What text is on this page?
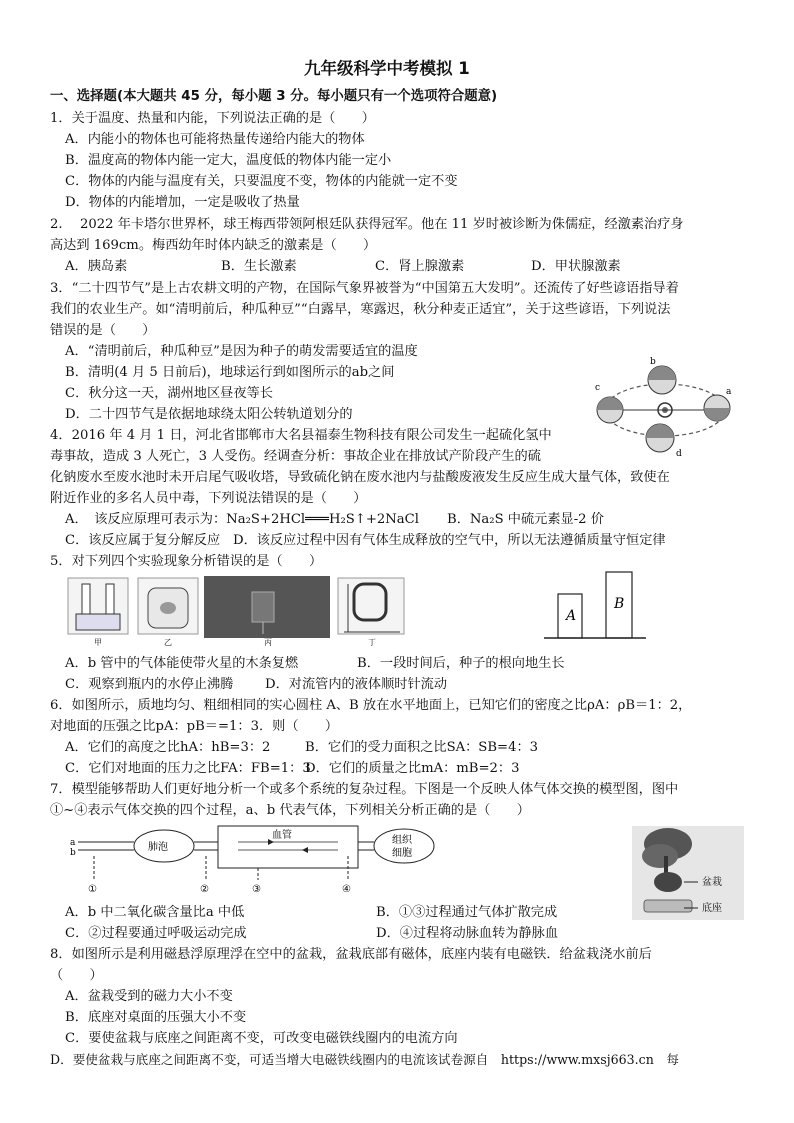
九年级科学中考模拟 1
一、选择题(本大题共 45 分，每小题 3 分。每小题只有一个选项符合题意)
1．关于温度、热量和内能，下列说法正确的是（　　）
A．内能小的物体也可能将热量传递给内能大的物体
B．温度高的物体内能一定大，温度低的物体内能一定小
C．物体的内能与温度有关，只要温度不变，物体的内能就一定不变
D．物体的内能增加，一定是吸收了热量
2.　 2022 年卡塔尔世界杯，球王梅西带领阿根廷队获得冠军。他在 11 岁时被诊断为侏儒症，经激素治疗身
高达到 169cm。梅西幼年时体内缺乏的激素是（　　）
A．胰岛素	B．生长激素	C．肾上腺激素	D．甲状腺激素
3．“二十四节气”是上古农耕文明的产物，在国际气象界被誉为“中国第五大发明”。还流传了好些谚语指导着
我们的农业生产。如“清明前后，种瓜种豆”“白露早，寒露迟，秋分种麦正适宜”，关于这些谚语，下列说法
错误的是（　　）
A．“清明前后，种瓜种豆”是因为种子的萌发需要适宜的温度
B．清明(4 月 5 日前后)，地球运行到如图所示的ab之间
C．秋分这一天，湖州地区昼夜等长
D．二十四节气是依据地球绕太阳公转轨道划分的
b
a
c
d
4．2016 年 4 月 1 日，河北省邯郸市大名县福泰生物科技有限公司发生一起硫化氢中
毒事故，造成 3 人死亡，3 人受伤。经调查分析：事故企业在排放试产阶段产生的硫
化钠废水至废水池时未开启尾气吸收塔，导致硫化钠在废水池内与盐酸废液发生反应生成大量气体，致使在
附近作业的多名人员中毒，下列说法错误的是（　　）
A．　该反应原理可表示为：Na₂S+2HCl═══H₂S↑+2NaCl B．Na₂S 中硫元素显-2 价
C．该反应属于复分解反应 D．该反应过程中因有气体生成释放的空气中，所以无法遵循质量守恒定律
5．对下列四个实验现象分析错误的是（　　）
甲	乙	丙	丁
A
B
A．b 管中的气体能使带火星的木条复燃	B．一段时间后，种子的根向地生长
C．观察到瓶内的水停止沸腾 D．对流管内的液体顺时针流动
6．如图所示，质地均匀、粗细相同的实心圆柱 A、B 放在水平地面上，已知它们的密度之比ρA：ρB＝1：2，
对地面的压强之比pA：pB＝=1：3．则（　　）
A．它们的高度之比hA：hB=3：2	B．它们的受力面积之比SA：SB=4：3
C．它们对地面的压力之比FA：FB=1：3
D．它们的质量之比mA：mB=2：3
7．模型能够帮助人们更好地分析一个或多个系统的复杂过程。下图是一个反映人体气体交换的模型图，图中
①~④表示气体交换的四个过程，a、b 代表气体，下列相关分析正确的是（　　）
a
b	肺泡
血管	组织
细胞
①	②	③	④
盆栽
底座
A．b 中二氧化碳含量比a 中低	B．①③过程通过气体扩散完成
C．②过程要通过呼吸运动完成	D．④过程将动脉血转为静脉血
8．如图所示是利用磁悬浮原理浮在空中的盆栽，盆栽底部有磁体，底座内装有电磁铁．给盆栽浇水前后
（　　）
A．盆栽受到的磁力大小不变
B．底座对桌面的压强大小不变
C．要使盆栽与底座之间距离不变，可改变电磁铁线圈内的电流方向
D．要使盆栽与底座之间距离不变，可适当增大电磁铁线圈内的电流该试卷源自　https://www.mxsj663.cn　每
